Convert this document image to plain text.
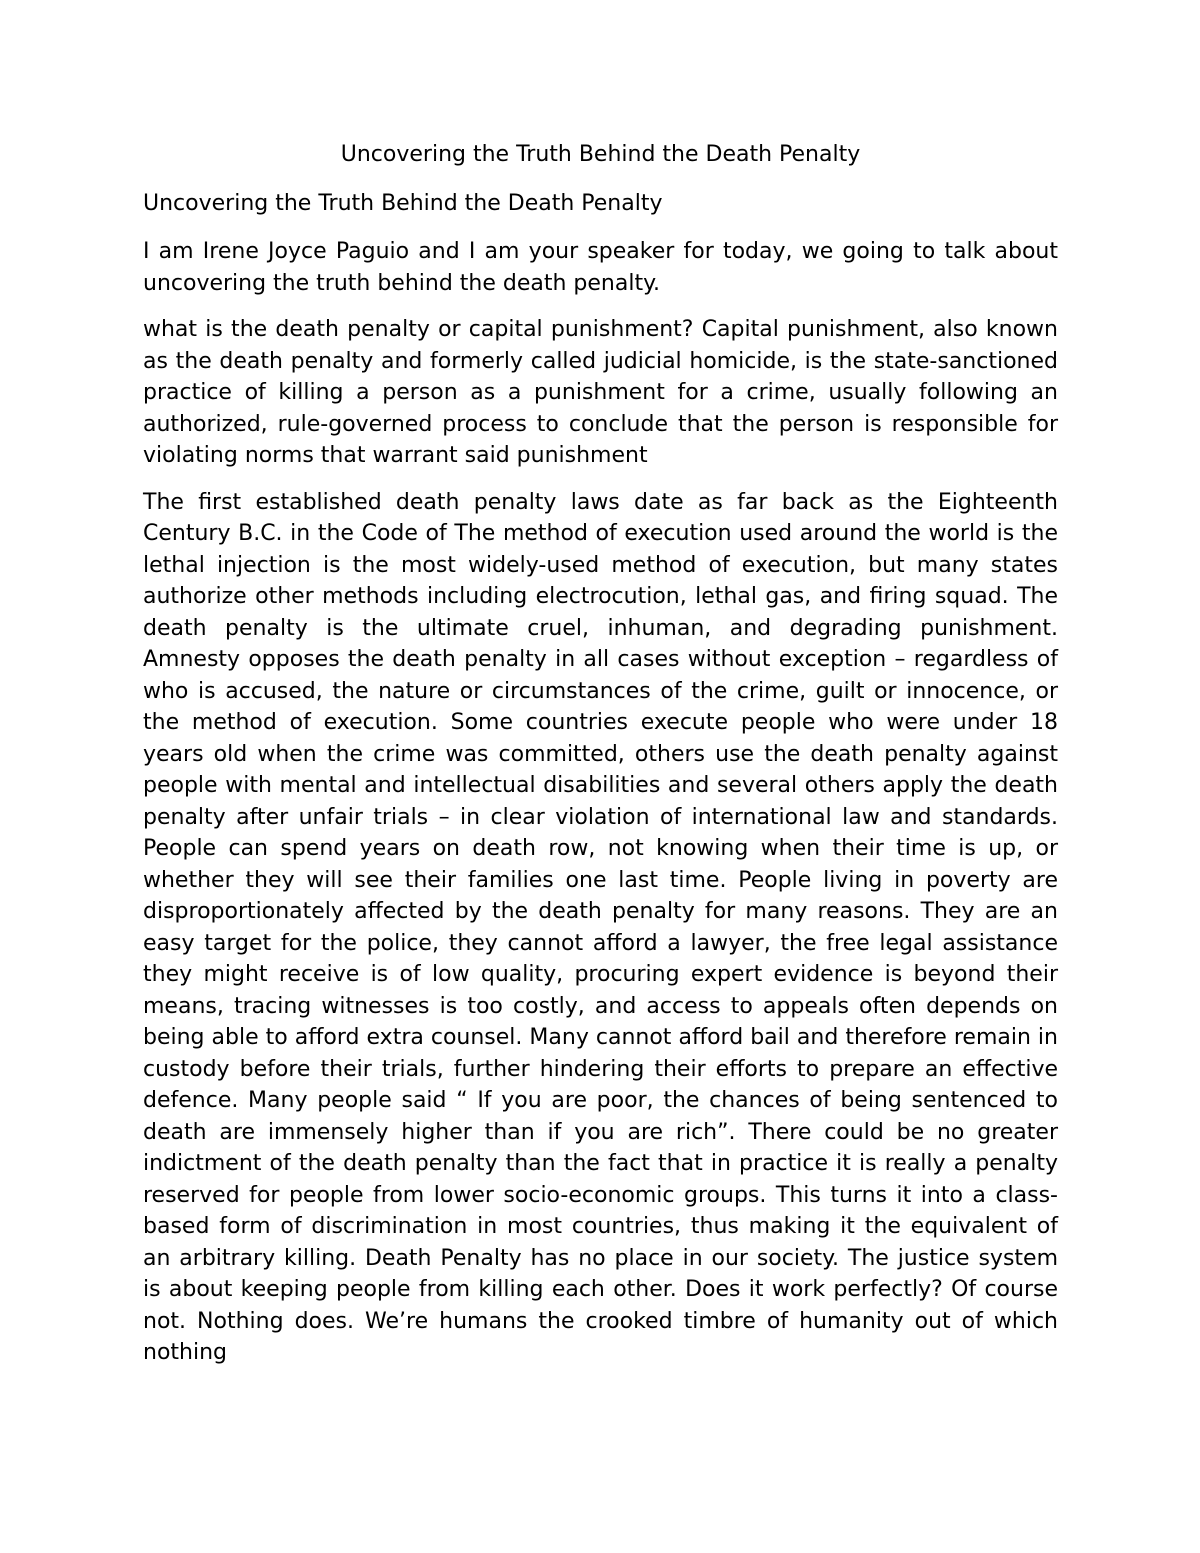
Uncovering the Truth Behind the Death Penalty
Uncovering the Truth Behind the Death Penalty

I am Irene Joyce Paguio and I am your speaker for today, we going to talk about uncovering the truth behind the death penalty.

what is the death penalty or capital punishment? Capital punishment, also known as the death penalty and formerly called judicial homicide, is the state-sanctioned practice of killing a person as a punishment for a crime, usually following an authorized, rule-governed process to conclude that the person is responsible for violating norms that warrant said punishment

The first established death penalty laws date as far back as the Eighteenth Century B.C. in the Code of The method of execution used around the world is the lethal injection is the most widely-used method of execution, but many states authorize other methods including electrocution, lethal gas, and firing squad. The death penalty is the ultimate cruel, inhuman, and degrading punishment. Amnesty opposes the death penalty in all cases without exception – regardless of who is accused, the nature or circumstances of the crime, guilt or innocence, or the method of execution. Some countries execute people who were under 18 years old when the crime was committed, others use the death penalty against people with mental and intellectual disabilities and several others apply the death penalty after unfair trials – in clear violation of international law and standards. People can spend years on death row, not knowing when their time is up, or whether they will see their families one last time. People living in poverty are disproportionately affected by the death penalty for many reasons. They are an easy target for the police, they cannot afford a lawyer, the free legal assistance they might receive is of low quality, procuring expert evidence is beyond their means, tracing witnesses is too costly, and access to appeals often depends on being able to afford extra counsel. Many cannot afford bail and therefore remain in custody before their trials, further hindering their efforts to prepare an effective defence. Many people said “ If you are poor, the chances of being sentenced to death are immensely higher than if you are rich”. There could be no greater indictment of the death penalty than the fact that in practice it is really a penalty reserved for people from lower socio-economic groups. This turns it into a class-based form of discrimination in most countries, thus making it the equivalent of an arbitrary killing. Death Penalty has no place in our society. The justice system is about keeping people from killing each other. Does it work perfectly? Of course not. Nothing does. We’re humans the crooked timbre of humanity out of which nothing
